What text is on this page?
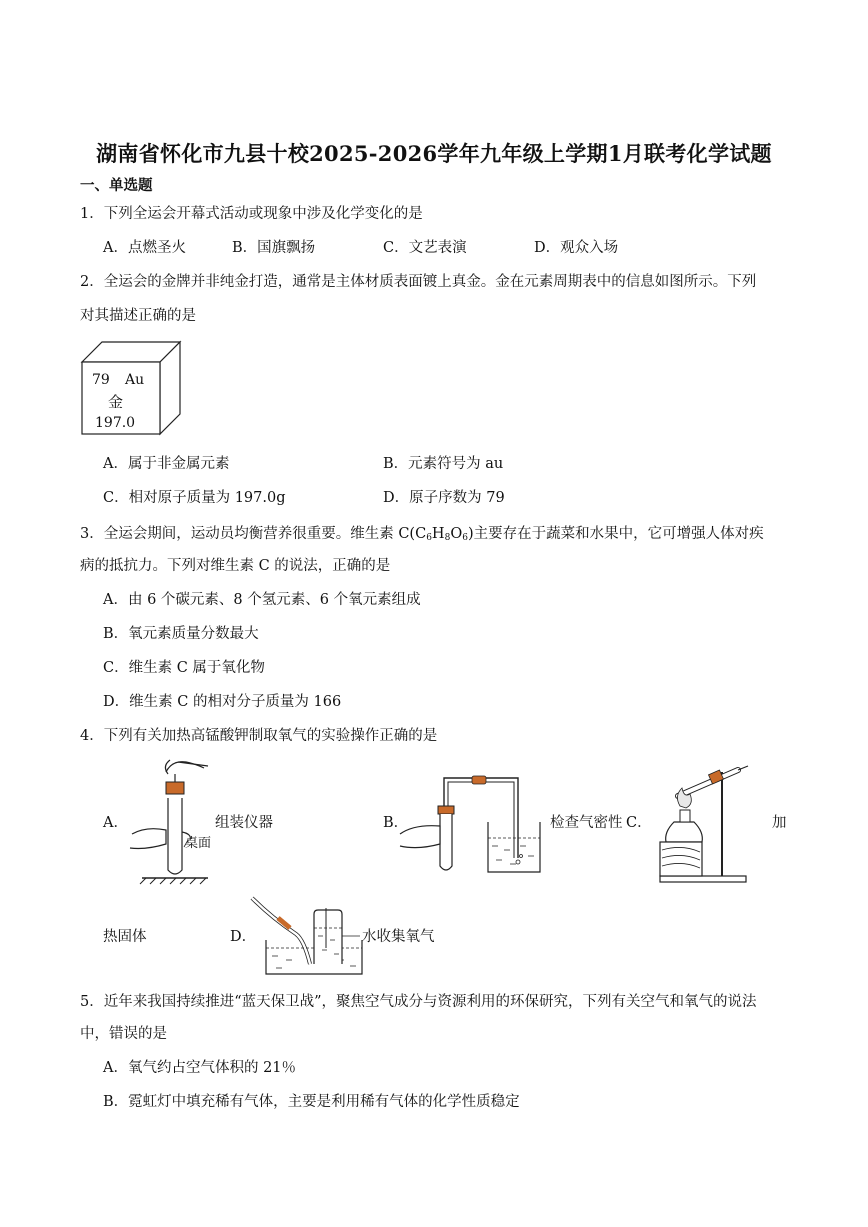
湖南省怀化市九县十校2025-2026学年九年级上学期1月联考化学试题
一、单选题
1．下列全运会开幕式活动或现象中涉及化学变化的是
A．点燃圣火	B．国旗飘扬	C．文艺表演	D．观众入场
2．全运会的金牌并非纯金打造，通常是主体材质表面镀上真金。金在元素周期表中的信息如图所示。下列
对其描述正确的是
79 Au
金
197.0
A．属于非金属元素	B．元素符号为 au
C．相对原子质量为 197.0g	D．原子序数为 79
3．全运会期间，运动员均衡营养很重要。维生素 $C(C_6H_8O_6)$主要存在于蔬菜和水果中，它可增强人体对疾
病的抵抗力。下列对维生素 C 的说法，正确的是
A．由 6 个碳元素、8 个氢元素、6 个氧元素组成
B．氧元素质量分数最大
C．维生素 C 属于氧化物
D．维生素 C 的相对分子质量为 166
4．下列有关加热高锰酸钾制取氧气的实验操作正确的是
A．
桌面
组装仪器	B．	检查气密性 C．	加
热固体	D．	水收集氧气
5．近年来我国持续推进“蓝天保卫战”，聚焦空气成分与资源利用的环保研究，下列有关空气和氧气的说法
中，错误的是
A．氧气约占空气体积的 21％
B．霓虹灯中填充稀有气体，主要是利用稀有气体的化学性质稳定
